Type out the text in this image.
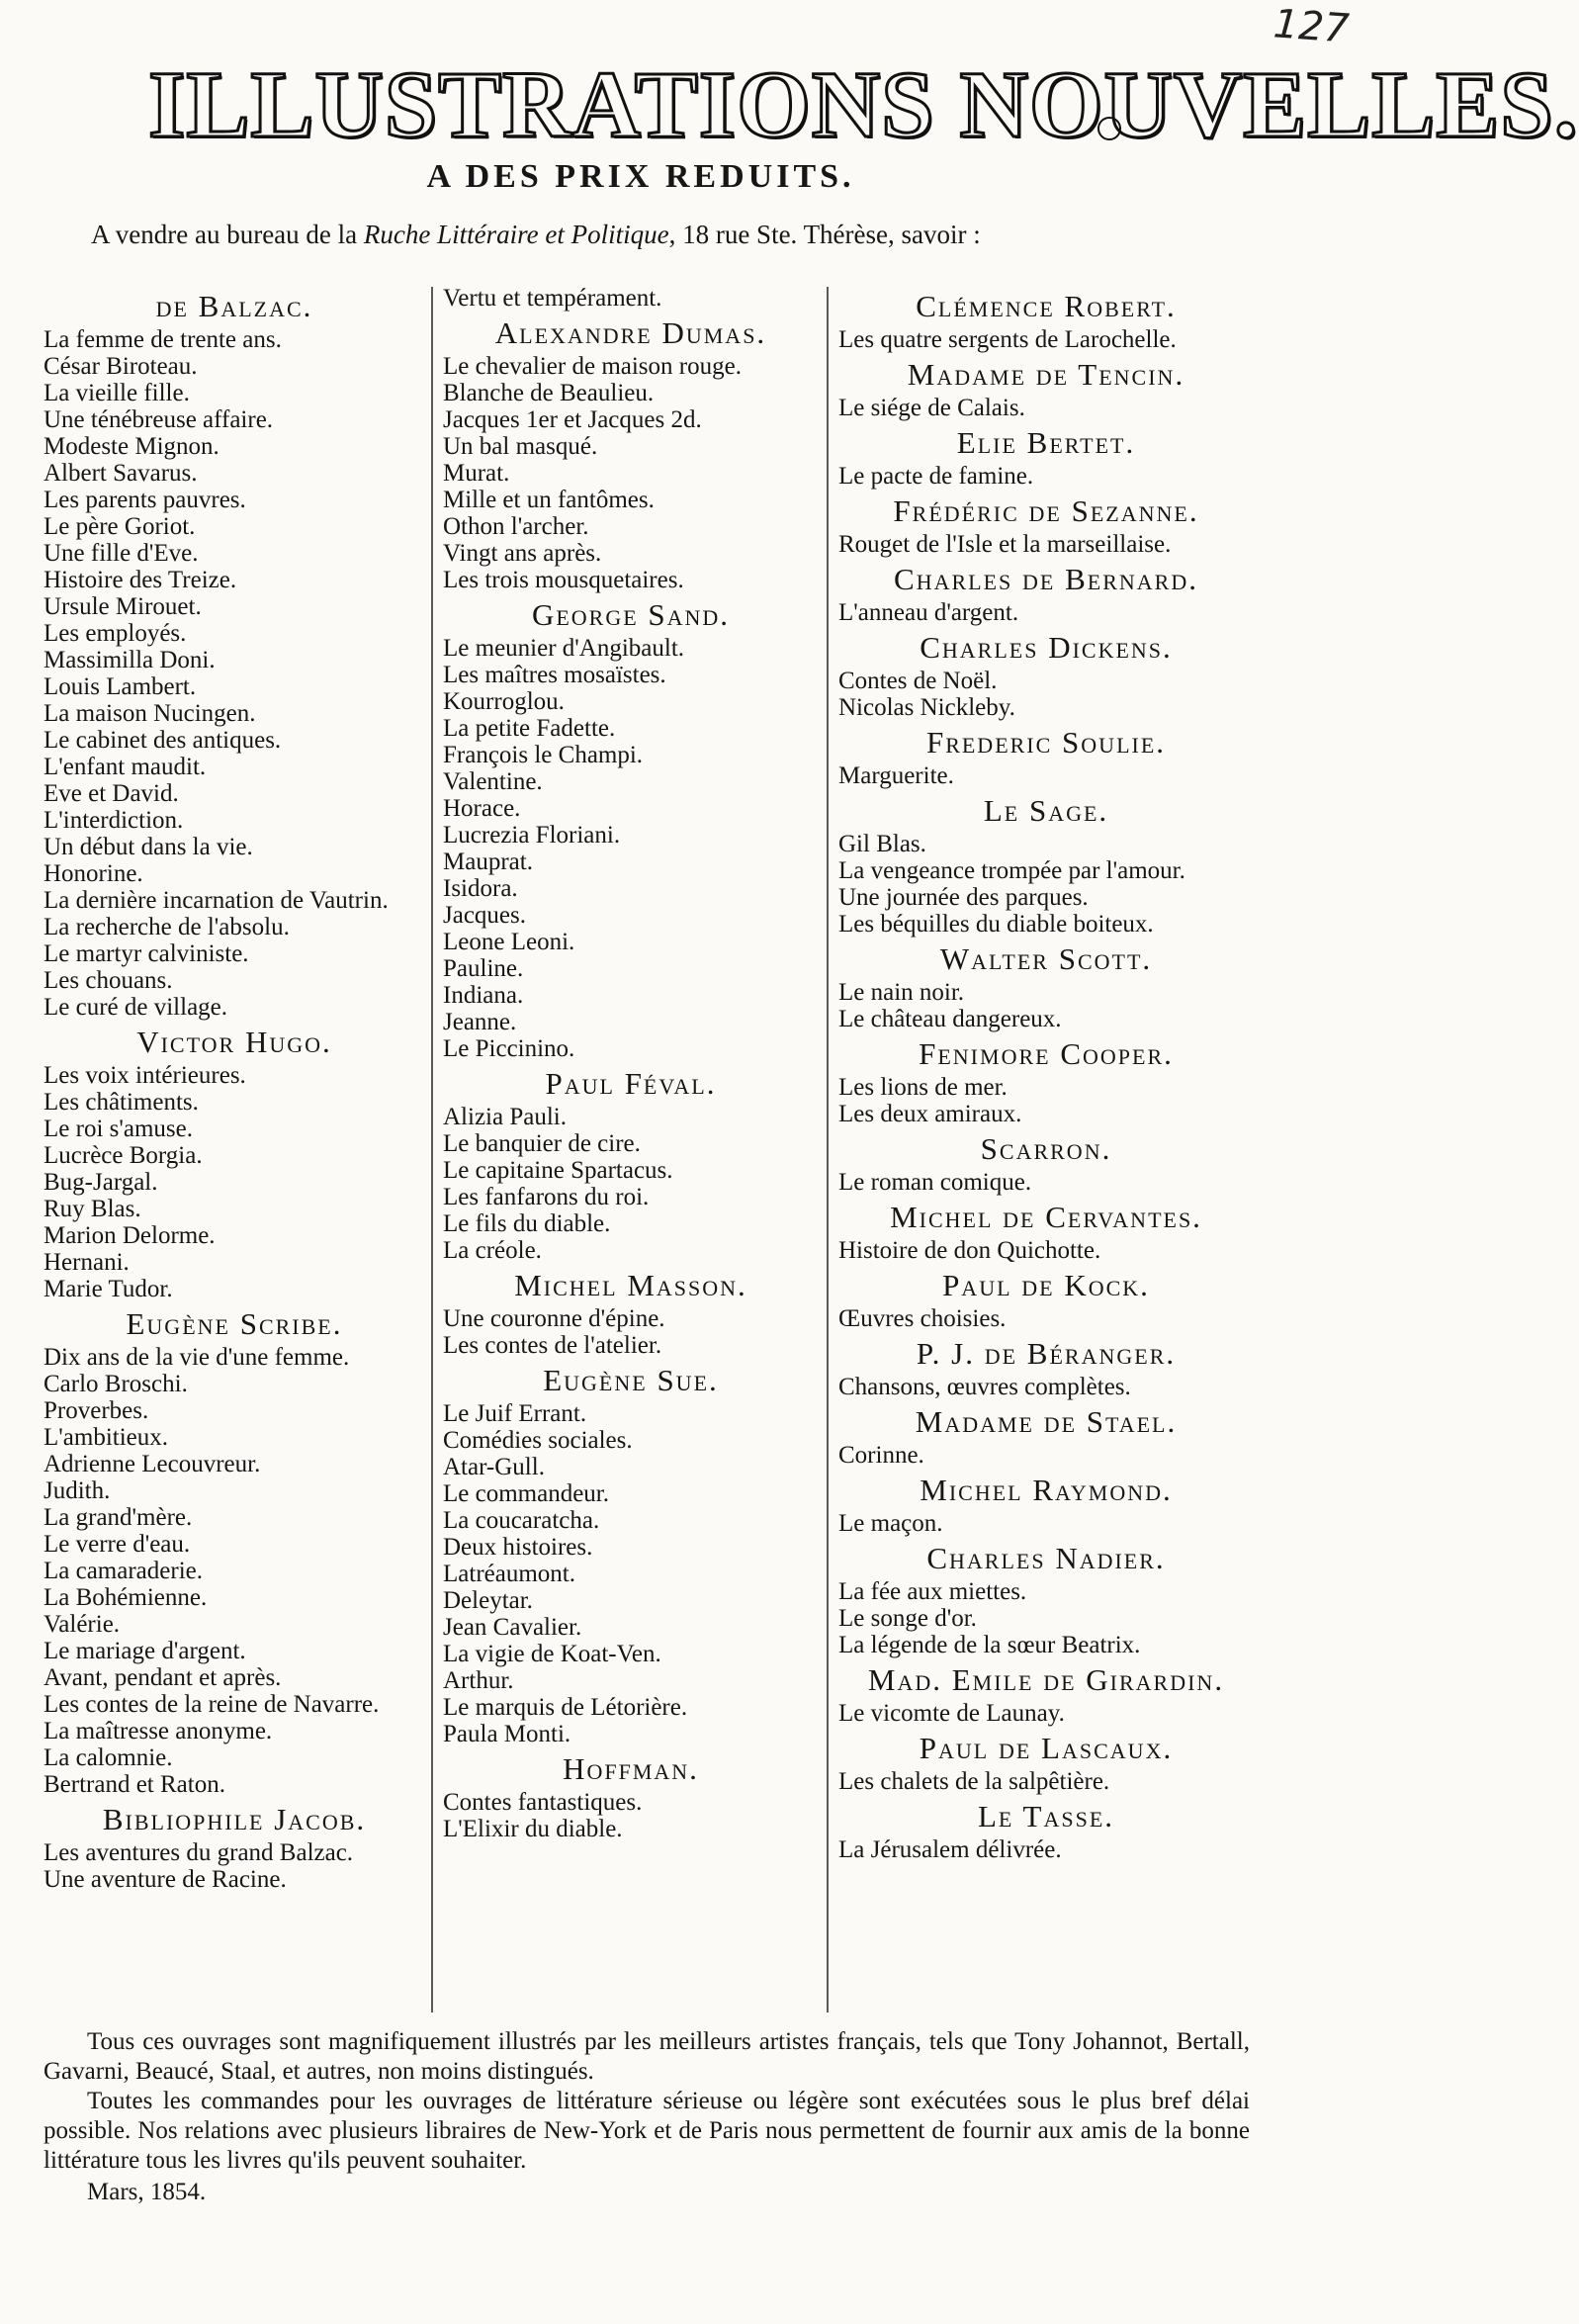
127
ILLUSTRATIONS NOUVELLES.
A DES PRIX REDUITS.
A vendre au bureau de la Ruche Littéraire et Politique, 18 rue Ste. Thérèse, savoir :
de Balzac.
La femme de trente ans.
César Biroteau.
La vieille fille.
Une ténébreuse affaire.
Modeste Mignon.
Albert Savarus.
Les parents pauvres.
Le père Goriot.
Une fille d'Eve.
Histoire des Treize.
Ursule Mirouet.
Les employés.
Massimilla Doni.
Louis Lambert.
La maison Nucingen.
Le cabinet des antiques.
L'enfant maudit.
Eve et David.
L'interdiction.
Un début dans la vie.
Honorine.
La dernière incarnation de Vautrin.
La recherche de l'absolu.
Le martyr calviniste.
Les chouans.
Le curé de village.
Victor Hugo.
Les voix intérieures.
Les châtiments.
Le roi s'amuse.
Lucrèce Borgia.
Bug-Jargal.
Ruy Blas.
Marion Delorme.
Hernani.
Marie Tudor.
Eugène Scribe.
Dix ans de la vie d'une femme.
Carlo Broschi.
Proverbes.
L'ambitieux.
Adrienne Lecouvreur.
Judith.
La grand'mère.
Le verre d'eau.
La camaraderie.
La Bohémienne.
Valérie.
Le mariage d'argent.
Avant, pendant et après.
Les contes de la reine de Navarre.
La maîtresse anonyme.
La calomnie.
Bertrand et Raton.
Bibliophile Jacob.
Les aventures du grand Balzac.
Une aventure de Racine.
Vertu et tempérament.
Alexandre Dumas.
Le chevalier de maison rouge.
Blanche de Beaulieu.
Jacques 1er et Jacques 2d.
Un bal masqué.
Murat.
Mille et un fantômes.
Othon l'archer.
Vingt ans après.
Les trois mousquetaires.
George Sand.
Le meunier d'Angibault.
Les maîtres mosaïstes.
Kourroglou.
La petite Fadette.
François le Champi.
Valentine.
Horace.
Lucrezia Floriani.
Mauprat.
Isidora.
Jacques.
Leone Leoni.
Pauline.
Indiana.
Jeanne.
Le Piccinino.
Paul Féval.
Alizia Pauli.
Le banquier de cire.
Le capitaine Spartacus.
Les fanfarons du roi.
Le fils du diable.
La créole.
Michel Masson.
Une couronne d'épine.
Les contes de l'atelier.
Eugène Sue.
Le Juif Errant.
Comédies sociales.
Atar-Gull.
Le commandeur.
La coucaratcha.
Deux histoires.
Latréaumont.
Deleytar.
Jean Cavalier.
La vigie de Koat-Ven.
Arthur.
Le marquis de Létorière.
Paula Monti.
Hoffman.
Contes fantastiques.
L'Elixir du diable.
Clémence Robert.
Les quatre sergents de Larochelle.
Madame de Tencin.
Le siége de Calais.
Elie Bertet.
Le pacte de famine.
Frédéric de Sezanne.
Rouget de l'Isle et la marseillaise.
Charles de Bernard.
L'anneau d'argent.
Charles Dickens.
Contes de Noël.
Nicolas Nickleby.
Frederic Soulie.
Marguerite.
Le Sage.
Gil Blas.
La vengeance trompée par l'amour.
Une journée des parques.
Les béquilles du diable boiteux.
Walter Scott.
Le nain noir.
Le château dangereux.
Fenimore Cooper.
Les lions de mer.
Les deux amiraux.
Scarron.
Le roman comique.
Michel de Cervantes.
Histoire de don Quichotte.
Paul de Kock.
Œuvres choisies.
P. J. de Béranger.
Chansons, œuvres complètes.
Madame de Stael.
Corinne.
Michel Raymond.
Le maçon.
Charles Nadier.
La fée aux miettes.
Le songe d'or.
La légende de la sœur Beatrix.
Mad. Emile de Girardin.
Le vicomte de Launay.
Paul de Lascaux.
Les chalets de la salpêtière.
Le Tasse.
La Jérusalem délivrée.

Tous ces ouvrages sont magnifiquement illustrés par les meilleurs artistes français, tels que Tony Johannot, Bertall, Gavarni, Beaucé, Staal, et autres, non moins distingués.

Toutes les commandes pour les ouvrages de littérature sérieuse ou légère sont exécutées sous le plus bref délai possible. Nos relations avec plusieurs libraires de New-York et de Paris nous permettent de fournir aux amis de la bonne littérature tous les livres qu'ils peuvent souhaiter.

Mars, 1854.
